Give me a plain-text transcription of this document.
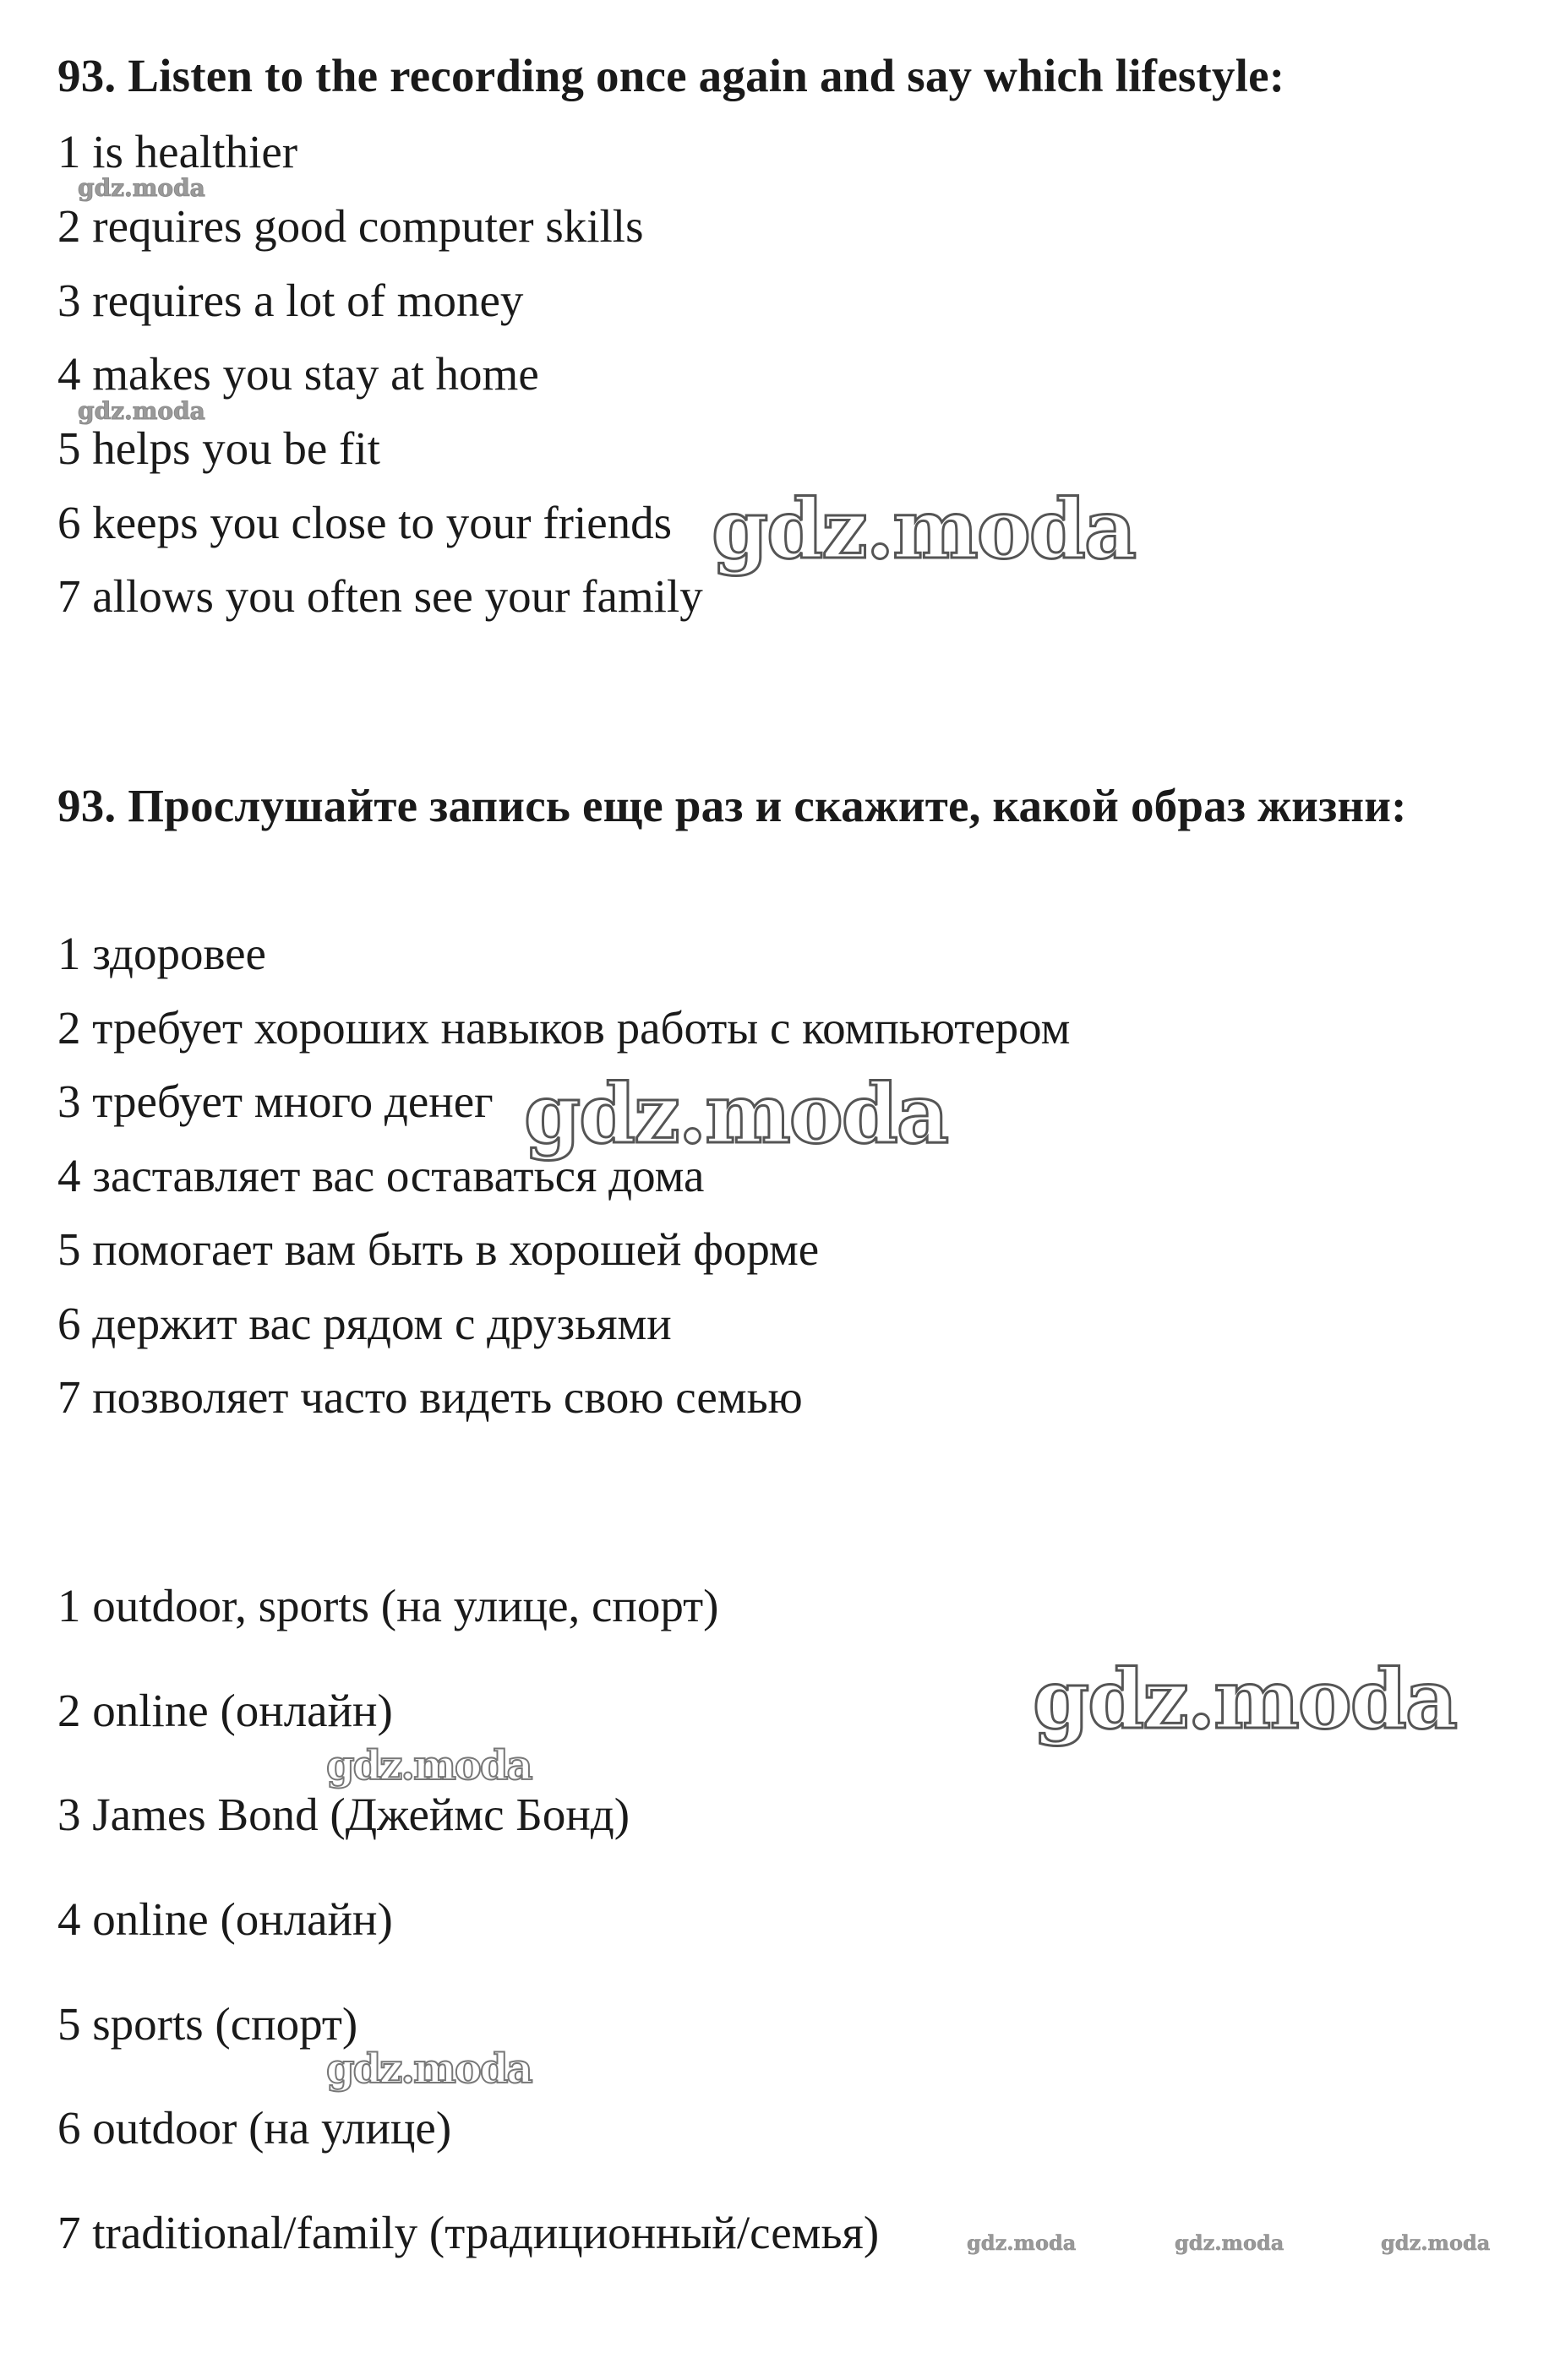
93. Listen to the recording once again and say which lifestyle:
1 is healthier
2 requires good computer skills
3 requires a lot of money
4 makes you stay at home
5 helps you be fit
6 keeps you close to your friends
7 allows you often see your family
93. Прослушайте запись еще раз и скажите, какой образ жизни:
1 здоровее
2 требует хороших навыков работы с компьютером
3 требует много денег
4 заставляет вас оставаться дома
5 помогает вам быть в хорошей форме
6 держит вас рядом с друзьями
7 позволяет часто видеть свою семью
1 outdoor, sports (на улице, спорт)
2 online (онлайн)
3 James Bond (Джеймс Бонд)
4 online (онлайн)
5 sports (спорт)
6 outdoor (на улице)
7 traditional/family (традиционный/семья)
gdz.moda
gdz.moda
gdz.moda
gdz.moda
gdz.moda
gdz.moda
gdz.moda
gdz.moda	gdz.moda	gdz.moda
